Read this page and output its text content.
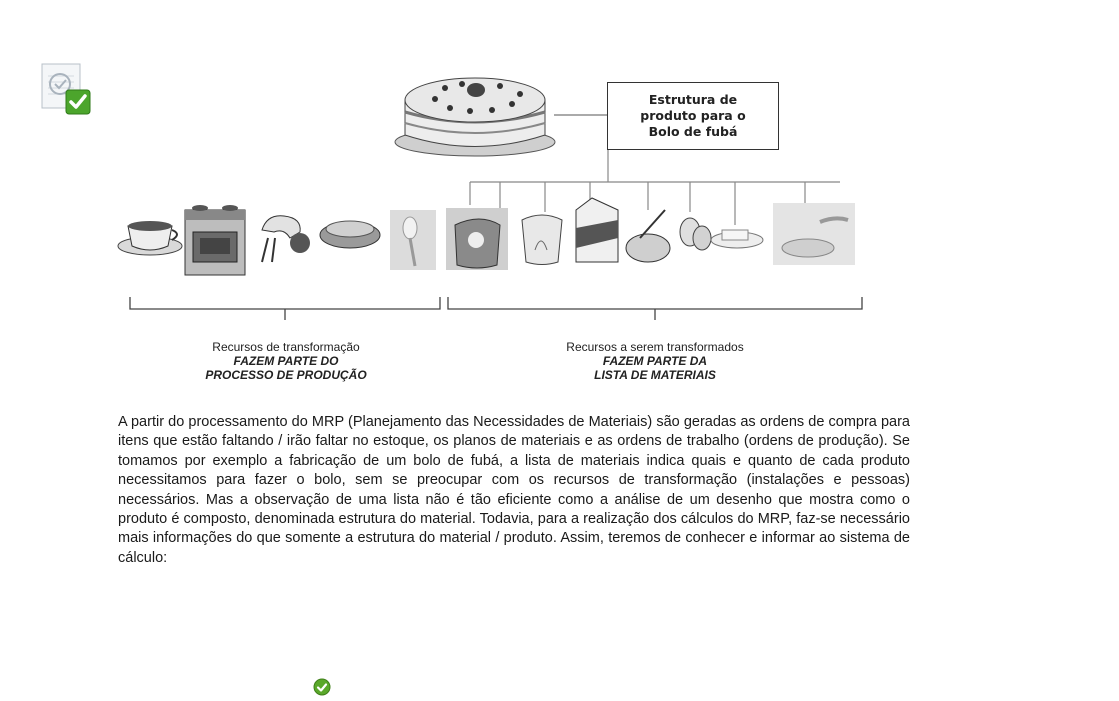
Estrutura de produto para o Bolo de fubá
Recursos de transformação
FAZEM PARTE DO
PROCESSO DE PRODUÇÃO
Recursos a serem transformados
FAZEM PARTE DA
LISTA DE MATERIAIS
A partir do processamento do MRP (Planejamento das Necessidades de Materiais) são geradas as ordens de compra para itens que estão faltando / irão faltar no estoque, os planos de materiais e as ordens de trabalho (ordens de produção). Se tomamos por exemplo a fabricação de um bolo de fubá, a lista de materiais indica quais e quanto de cada produto necessitamos para fazer o bolo, sem se preocupar com os recursos de transformação (instalações e pessoas) necessários. Mas a observação de uma lista não é tão eficiente como a análise de um desenho que mostra como o produto é composto, denominada estrutura do material. Todavia, para a realização dos cálculos do MRP, faz-se necessário mais informações do que somente a estrutura do material / produto. Assim, teremos de conhecer e informar ao sistema de cálculo:
